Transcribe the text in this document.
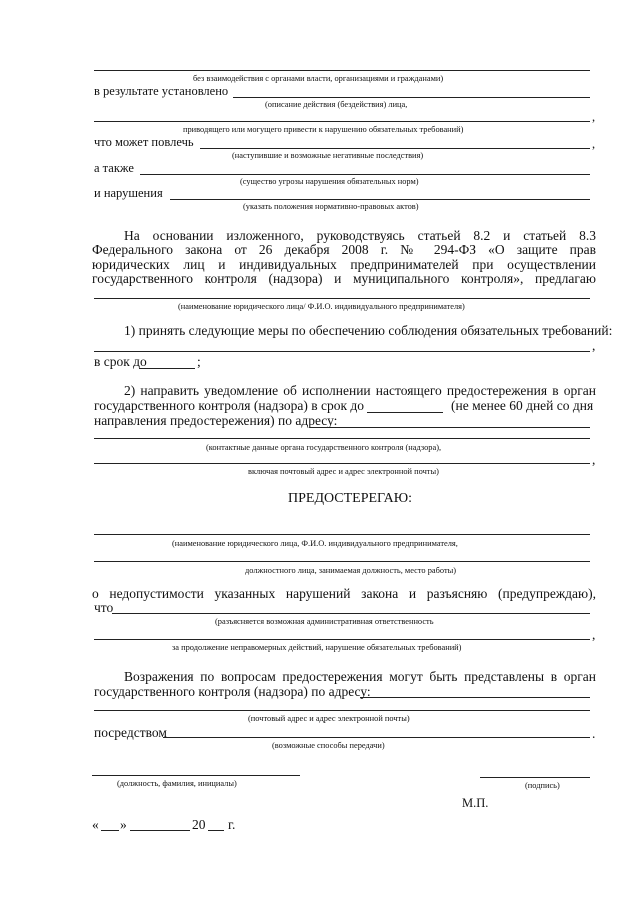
без взаимодействия с органами власти, организациями и гражданами)
в результате установлено
(описание действия (бездействия) лица,
,
приводящего или могущего привести к нарушению обязательных требований)
что может повлечь	,
(наступившие и возможные негативные последствия)
а также
(существо угрозы нарушения обязательных норм)
и нарушения
(указать положения нормативно-правовых актов)
На основании изложенного, руководствуясь статьей 8.2 и статьей 8.3
Федерального закона от 26 декабря 2008 г. № 294-ФЗ «О защите прав
юридических лиц и индивидуальных предпринимателей при осуществлении
государственного контроля (надзора) и муниципального контроля», предлагаю
(наименование юридического лица/ Ф.И.О. индивидуального предпринимателя)
1) принять следующие меры по обеспечению соблюдения обязательных требований:
,
в срок до	;
2) направить уведомление об исполнении настоящего предостережения в орган
государственного контроля (надзора) в срок до	(не менее 60 дней со дня
направления предостережения) по адресу:
(контактные данные органа государственного контроля (надзора),
,
включая почтовый адрес и адрес электронной почты)
ПРЕДОСТЕРЕГАЮ:
(наименование юридического лица, Ф.И.О. индивидуального предпринимателя,
должностного лица, занимаемая должность, место работы)
о недопустимости указанных нарушений закона и разъясняю (предупреждаю),
что
(разъясняется возможная административная ответственность
,
за продолжение неправомерных действий, нарушение обязательных требований)
Возражения по вопросам предостережения могут быть представлены в орган
государственного контроля (надзора) по адресу:
(почтовый адрес и адрес электронной почты)
посредством	.
(возможные способы передачи)
(должность, фамилия, инициалы)	(подпись)
М.П.
« »	20 г.
